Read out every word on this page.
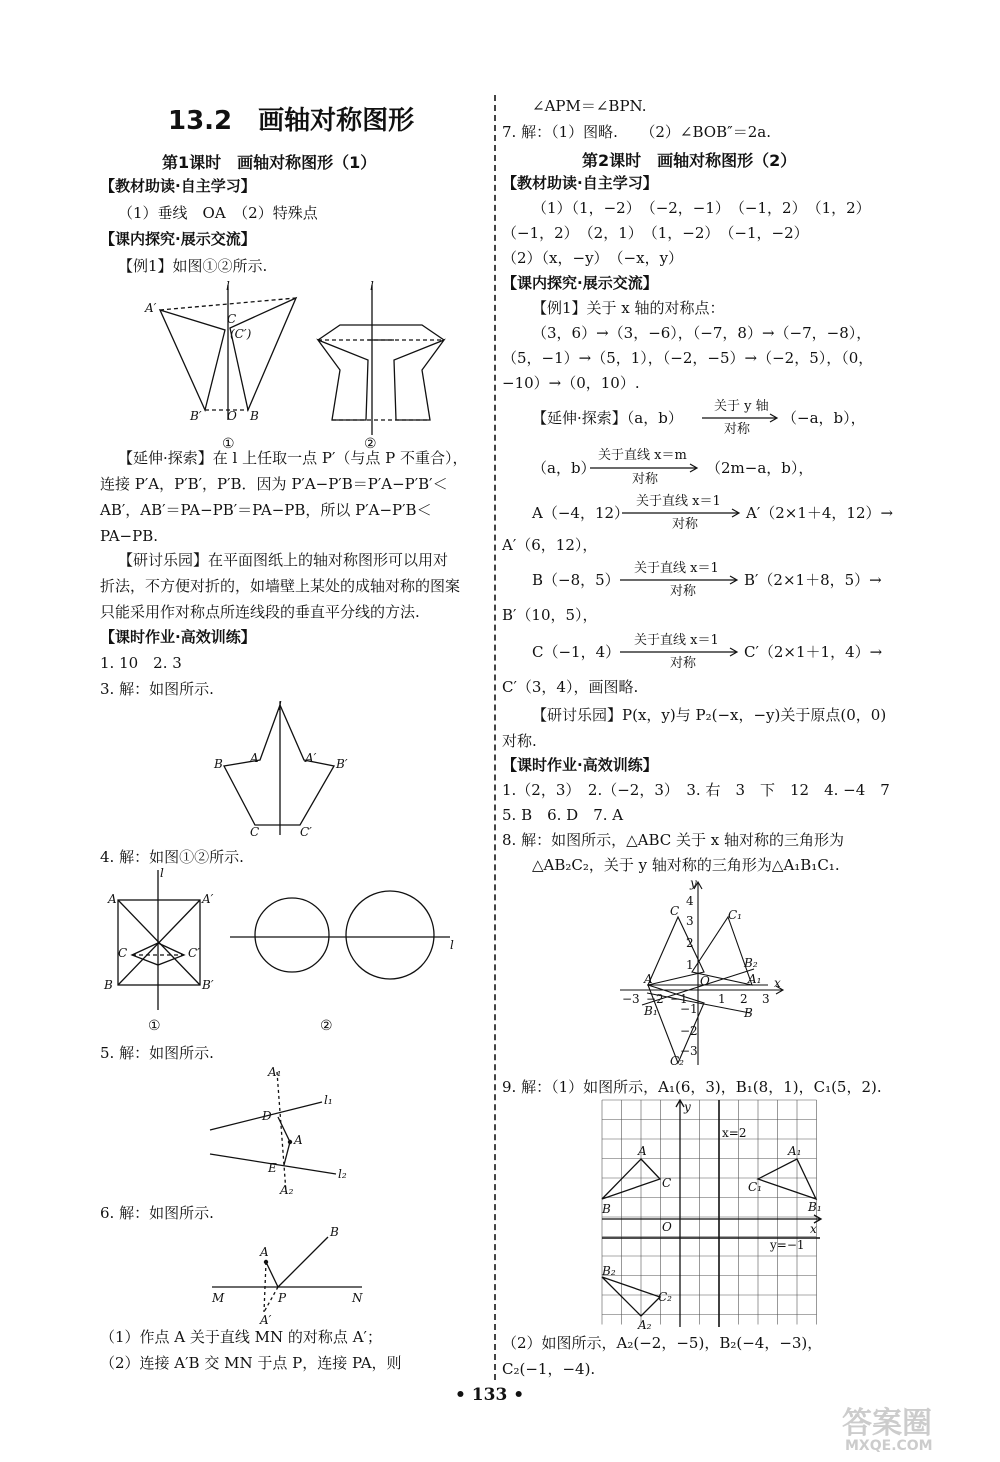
13.2　画轴对称图形
第1课时　画轴对称图形（1）
【教材助读·自主学习】
（1）垂线　OA　（2）特殊点
【课内探究·展示交流】
【例1】如图①②所示.
A′
l
C
(C′)
B′ O B
l
①	②
【延伸·探索】在 l 上任取一点 P′（与点 P 不重合），
连接 P′A，P′B′，P′B．因为 P′A−P′B＝P′A−P′B′＜
AB′，AB′＝PA−PB′＝PA−PB，所以 P′A−P′B＜
PA−PB.
【研讨乐园】在平面图纸上的轴对称图形可以用对
折法，不方便对折的，如墙壁上某处的成轴对称的图案
只能采用作对称点所连线段的垂直平分线的方法.
【课时作业·高效训练】
1. 10　2. 3
3. 解：如图所示.
l
A	A′
B	B′
C	C′
4. 解：如图①②所示.
A	A′
l
C	C′
B	B′
l
①	②
5. 解：如图所示.
A₁
D
l₁
A
E	l₂
A₂
6. 解：如图所示.
B
A
M	P	N
A′
（1）作点 A 关于直线 MN 的对称点 A′；
（2）连接 A′B 交 MN 于点 P，连接 PA，则
∠APM＝∠BPN.
7. 解：（1）图略.　　（2）∠BOB″＝2a.
第2课时　画轴对称图形（2）
【教材助读·自主学习】
（1）（1，−2）　（−2，−1）　（−1，2）　（1，2）
（−1，2）　（2，1）　（1，−2）　（−1，−2）
（2）（x，−y）　（−x，y）
【课内探究·展示交流】
【例1】关于 x 轴的对称点：
（3，6）→（3，−6），（−7，8）→（−7，−8），
（5，−1）→（5，1），（−2，−5）→（−2，5），（0，
−10）→（0，10）.
【延伸·探索】（a，b）
关于 y 轴
对称
（−a，b），
（a，b）
关于直线 x＝m
对称
（2m−a，b），
A（−4，12）
关于直线 x＝1
对称
A′（2×1＋4，12）→
A′（6，12），
B（−8，5）
关于直线 x＝1
对称
B′（2×1＋8，5）→
B′（10，5），
C（−1，4）
关于直线 x＝1
对称
C′（2×1＋1，4）→
C′（3，4），画图略.
【研讨乐园】P(x，y)与 P₂(−x，−y)关于原点(0，0)
对称.
【课时作业·高效训练】
1.（2，3）　2.（−2，3）　3. 右　3　下　12　4. −4　7
5. B　6. D　7. A
8. 解：如图所示，△ABC 关于 x 轴对称的三角形为
△AB₂C₂，关于 y 轴对称的三角形为△A₁B₁C₁.
y
x
C	C₁
B₂
A	A₁
O
B
B₁
C₂
4
3
2
1
−1
−2
−3
−3 −2 −1	1 2 3
9. 解：（1）如图所示，A₁(6，3)，B₁(8，1)，C₁(5，2).
y
x
O
x=2
y=−1
A
C
B
A₁
C₁
B₁
B₂
C₂
A₂
（2）如图所示，A₂(−2，−5)，B₂(−4，−3)，
C₂(−1，−4).
• 133 •
答案圈
MXQE.COM
